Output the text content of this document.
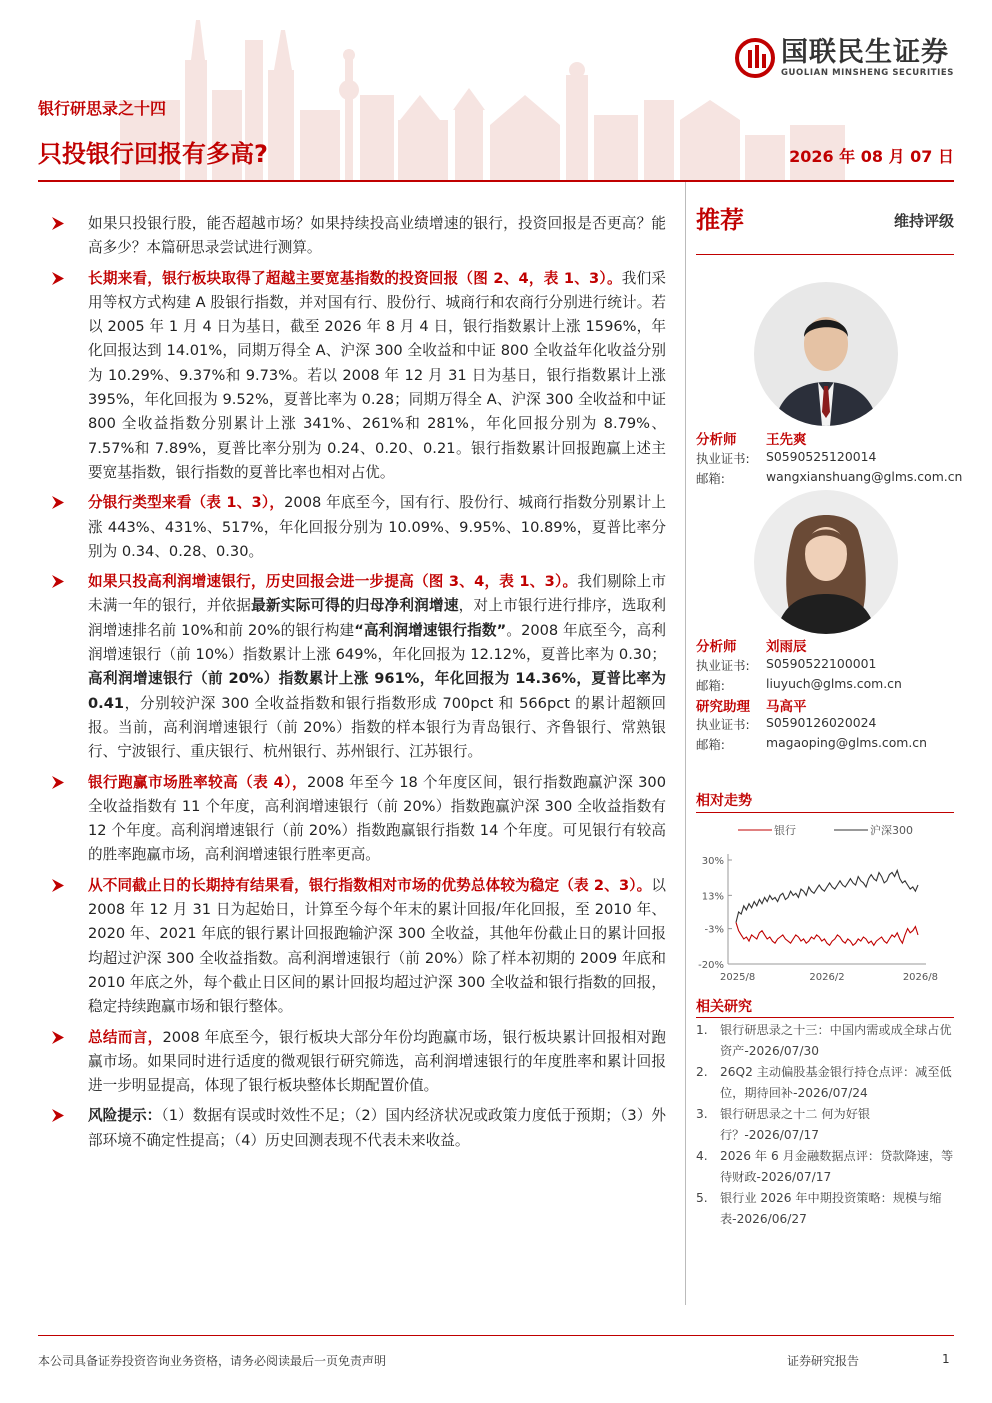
国联民生证券
GUOLIAN MINSHENG SECURITIES
银行研思录之十四
只投银行回报有多高?	2026 年 08 月 07 日
如果只投银行股，能否超越市场？如果持续投高业绩增速的银行，投资回报是否更高？能高多少？本篇研思录尝试进行测算。
长期来看，银行板块取得了超越主要宽基指数的投资回报（图 2、4，表 1、3）。我们采用等权方式构建 A 股银行指数，并对国有行、股份行、城商行和农商行分别进行统计。若以 2005 年 1 月 4 日为基日，截至 2026 年 8 月 4 日，银行指数累计上涨 1596%，年化回报达到 14.01%，同期万得全 A、沪深 300 全收益和中证 800 全收益年化收益分别为 10.29%、9.37%和 9.73%。若以 2008 年 12 月 31 日为基日，银行指数累计上涨 395%，年化回报为 9.52%，夏普比率为 0.28；同期万得全 A、沪深 300 全收益和中证 800 全收益指数分别累计上涨 341%、261%和 281%，年化回报分别为 8.79%、7.57%和 7.89%，夏普比率分别为 0.24、0.20、0.21。银行指数累计回报跑赢上述主要宽基指数，银行指数的夏普比率也相对占优。
分银行类型来看（表 1、3），2008 年底至今，国有行、股份行、城商行指数分别累计上涨 443%、431%、517%，年化回报分别为 10.09%、9.95%、10.89%，夏普比率分别为 0.34、0.28、0.30。
如果只投高利润增速银行，历史回报会进一步提高（图 3、4，表 1、3）。我们剔除上市未满一年的银行，并依据最新实际可得的归母净利润增速，对上市银行进行排序，选取利润增速排名前 10%和前 20%的银行构建“高利润增速银行指数”。2008 年底至今，高利润增速银行（前 10%）指数累计上涨 649%，年化回报为 12.12%，夏普比率为 0.30；高利润增速银行（前 20%）指数累计上涨 961%，年化回报为 14.36%，夏普比率为 0.41，分别较沪深 300 全收益指数和银行指数形成 700pct 和 566pct 的累计超额回报。当前，高利润增速银行（前 20%）指数的样本银行为青岛银行、齐鲁银行、常熟银行、宁波银行、重庆银行、杭州银行、苏州银行、江苏银行。
银行跑赢市场胜率较高（表 4），2008 年至今 18 个年度区间，银行指数跑赢沪深 300 全收益指数有 11 个年度，高利润增速银行（前 20%）指数跑赢沪深 300 全收益指数有 12 个年度。高利润增速银行（前 20%）指数跑赢银行指数 14 个年度。可见银行有较高的胜率跑赢市场，高利润增速银行胜率更高。
从不同截止日的长期持有结果看，银行指数相对市场的优势总体较为稳定（表 2、3）。以 2008 年 12 月 31 日为起始日，计算至今每个年末的累计回报/年化回报，至 2010 年、2020 年、2021 年底的银行累计回报跑输沪深 300 全收益，其他年份截止日的累计回报均超过沪深 300 全收益指数。高利润增速银行（前 20%）除了样本初期的 2009 年底和 2010 年底之外，每个截止日区间的累计回报均超过沪深 300 全收益和银行指数的回报，稳定持续跑赢市场和银行整体。
总结而言，2008 年底至今，银行板块大部分年份均跑赢市场，银行板块累计回报相对跑赢市场。如果同时进行适度的微观银行研究筛选，高利润增速银行的年度胜率和累计回报进一步明显提高，体现了银行板块整体长期配置价值。
风险提示：（1）数据有误或时效性不足；（2）国内经济状况或政策力度低于预期；（3）外部环境不确定性提高；（4）历史回测表现不代表未来收益。
推荐	维持评级
分析师	王先爽
执业证书:	S0590525120014
邮箱:	wangxianshuang@glms.com.cn
分析师	刘雨辰
执业证书:	S0590522100001
邮箱:	liuyuch@glms.com.cn
研究助理	马高平
执业证书:	S0590126020024
邮箱:	magaoping@glms.com.cn
相对走势
银行	沪深300
30%
13%
-3%
-20%
2025/8	2026/2	2026/8
相关研究
1.	银行研思录之十三：中国内需或成全球占优资产-2026/07/30
2.	26Q2 主动偏股基金银行持仓点评：减至低位，期待回补-2026/07/24
3.	银行研思录之十二 何为好银行？-2026/07/17
4.	2026 年 6 月金融数据点评：贷款降速，等待财政-2026/07/17
5.	银行业 2026 年中期投资策略：规模与缩表-2026/06/27
本公司具备证券投资咨询业务资格，请务必阅读最后一页免责声明	证券研究报告	1
